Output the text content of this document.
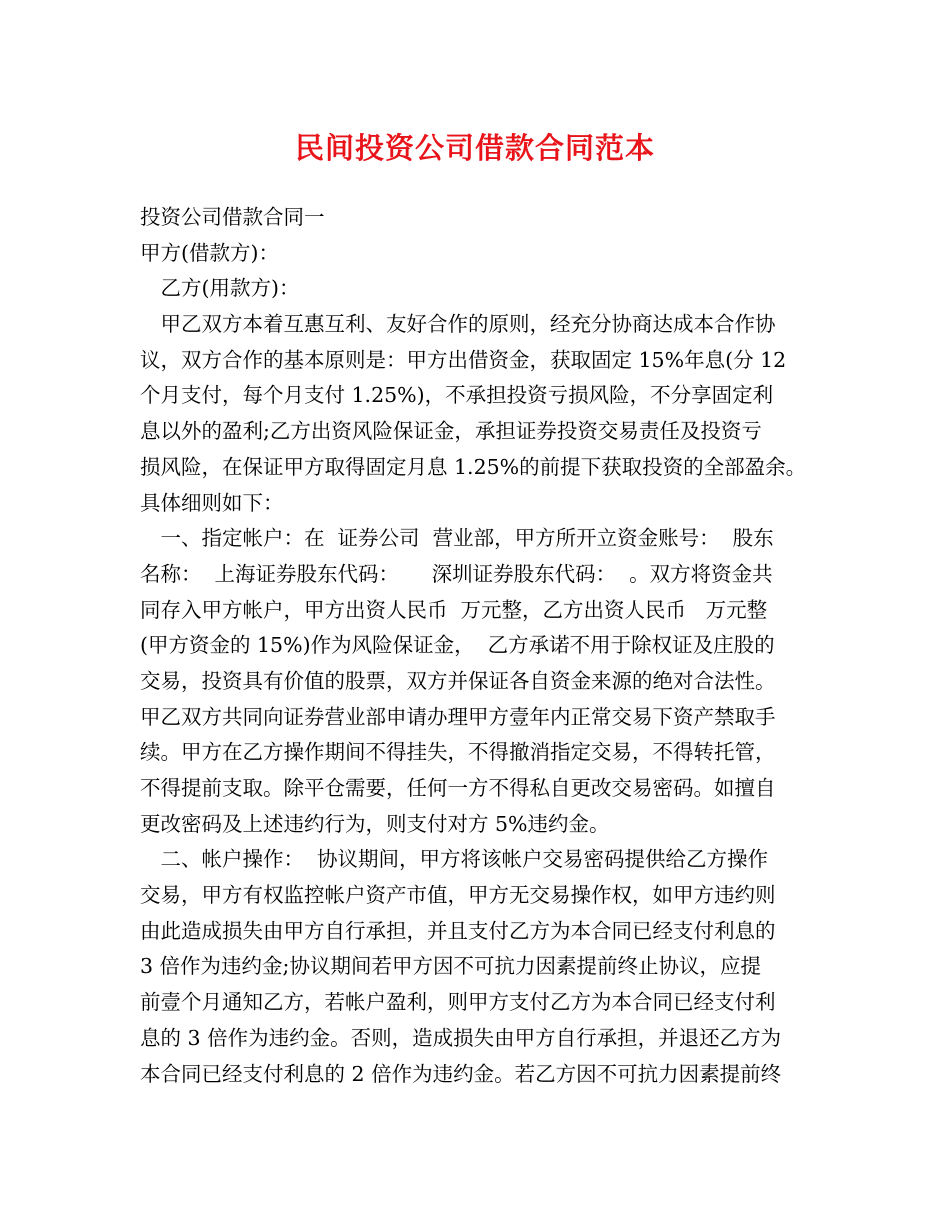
民间投资公司借款合同范本
投资公司借款合同一
甲方(借款方)：
　乙方(用款方)：
　甲乙双方本着互惠互利、友好合作的原则，经充分协商达成本合作协
议，双方合作的基本原则是：甲方出借资金，获取固定 15%年息(分 12
个月支付，每个月支付 1.25%)，不承担投资亏损风险，不分享固定利
息以外的盈利;乙方出资风险保证金，承担证券投资交易责任及投资亏
损风险，在保证甲方取得固定月息 1.25%的前提下获取投资的全部盈余。
具体细则如下：
　一、指定帐户：在  证券公司  营业部，甲方所开立资金账号：  股东
名称：  上海证券股东代码：     深圳证券股东代码：  。双方将资金共
同存入甲方帐户，甲方出资人民币  万元整，乙方出资人民币   万元整
(甲方资金的 15%)作为风险保证金，  乙方承诺不用于除权证及庄股的
交易，投资具有价值的股票，双方并保证各自资金来源的绝对合法性。
甲乙双方共同向证券营业部申请办理甲方壹年内正常交易下资产禁取手
续。甲方在乙方操作期间不得挂失，不得撤消指定交易，不得转托管，
不得提前支取。除平仓需要，任何一方不得私自更改交易密码。如擅自
更改密码及上述违约行为，则支付对方 5%违约金。
　二、帐户操作：  协议期间，甲方将该帐户交易密码提供给乙方操作
交易，甲方有权监控帐户资产市值，甲方无交易操作权，如甲方违约则
由此造成损失由甲方自行承担，并且支付乙方为本合同已经支付利息的
3 倍作为违约金;协议期间若甲方因不可抗力因素提前终止协议，应提
前壹个月通知乙方，若帐户盈利，则甲方支付乙方为本合同已经支付利
息的 3 倍作为违约金。否则，造成损失由甲方自行承担，并退还乙方为
本合同已经支付利息的 2 倍作为违约金。若乙方因不可抗力因素提前终
